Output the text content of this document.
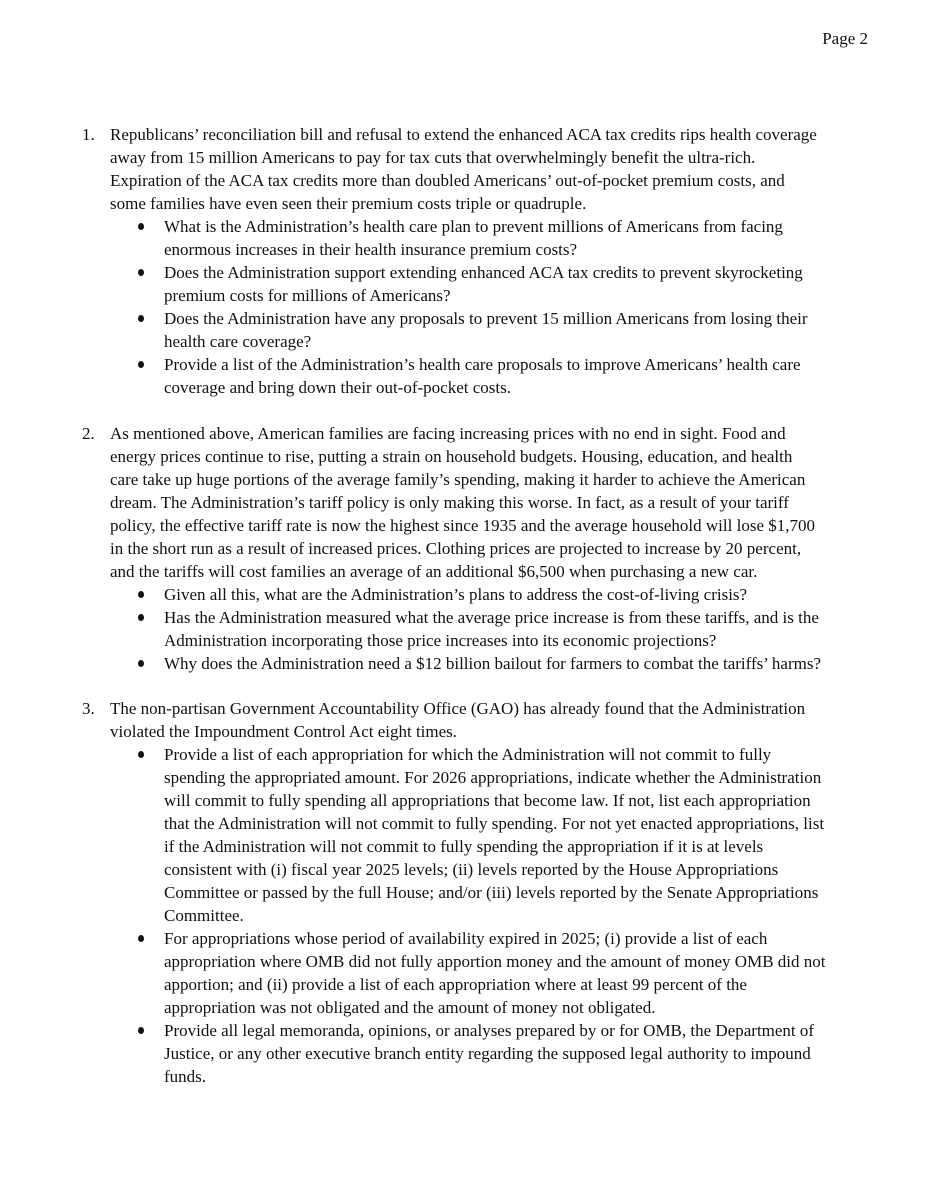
Page 2
1. Republicans’ reconciliation bill and refusal to extend the enhanced ACA tax credits rips health coverage
away from 15 million Americans to pay for tax cuts that overwhelmingly benefit the ultra-rich.
Expiration of the ACA tax credits more than doubled Americans’ out-of-pocket premium costs, and
some families have even seen their premium costs triple or quadruple.
What is the Administration’s health care plan to prevent millions of Americans from facing
enormous increases in their health insurance premium costs?
Does the Administration support extending enhanced ACA tax credits to prevent skyrocketing
premium costs for millions of Americans?
Does the Administration have any proposals to prevent 15 million Americans from losing their
health care coverage?
Provide a list of the Administration’s health care proposals to improve Americans’ health care
coverage and bring down their out-of-pocket costs.
2. As mentioned above, American families are facing increasing prices with no end in sight. Food and
energy prices continue to rise, putting a strain on household budgets. Housing, education, and health
care take up huge portions of the average family’s spending, making it harder to achieve the American
dream. The Administration’s tariff policy is only making this worse. In fact, as a result of your tariff
policy, the effective tariff rate is now the highest since 1935 and the average household will lose $1,700
in the short run as a result of increased prices. Clothing prices are projected to increase by 20 percent,
and the tariffs will cost families an average of an additional $6,500 when purchasing a new car.
Given all this, what are the Administration’s plans to address the cost-of-living crisis?
Has the Administration measured what the average price increase is from these tariffs, and is the
Administration incorporating those price increases into its economic projections?
Why does the Administration need a $12 billion bailout for farmers to combat the tariffs’ harms?
3. The non-partisan Government Accountability Office (GAO) has already found that the Administration
violated the Impoundment Control Act eight times.
Provide a list of each appropriation for which the Administration will not commit to fully
spending the appropriated amount. For 2026 appropriations, indicate whether the Administration
will commit to fully spending all appropriations that become law. If not, list each appropriation
that the Administration will not commit to fully spending. For not yet enacted appropriations, list
if the Administration will not commit to fully spending the appropriation if it is at levels
consistent with (i) fiscal year 2025 levels; (ii) levels reported by the House Appropriations
Committee or passed by the full House; and/or (iii) levels reported by the Senate Appropriations
Committee.
For appropriations whose period of availability expired in 2025; (i) provide a list of each
appropriation where OMB did not fully apportion money and the amount of money OMB did not
apportion; and (ii) provide a list of each appropriation where at least 99 percent of the
appropriation was not obligated and the amount of money not obligated.
Provide all legal memoranda, opinions, or analyses prepared by or for OMB, the Department of
Justice, or any other executive branch entity regarding the supposed legal authority to impound
funds.
